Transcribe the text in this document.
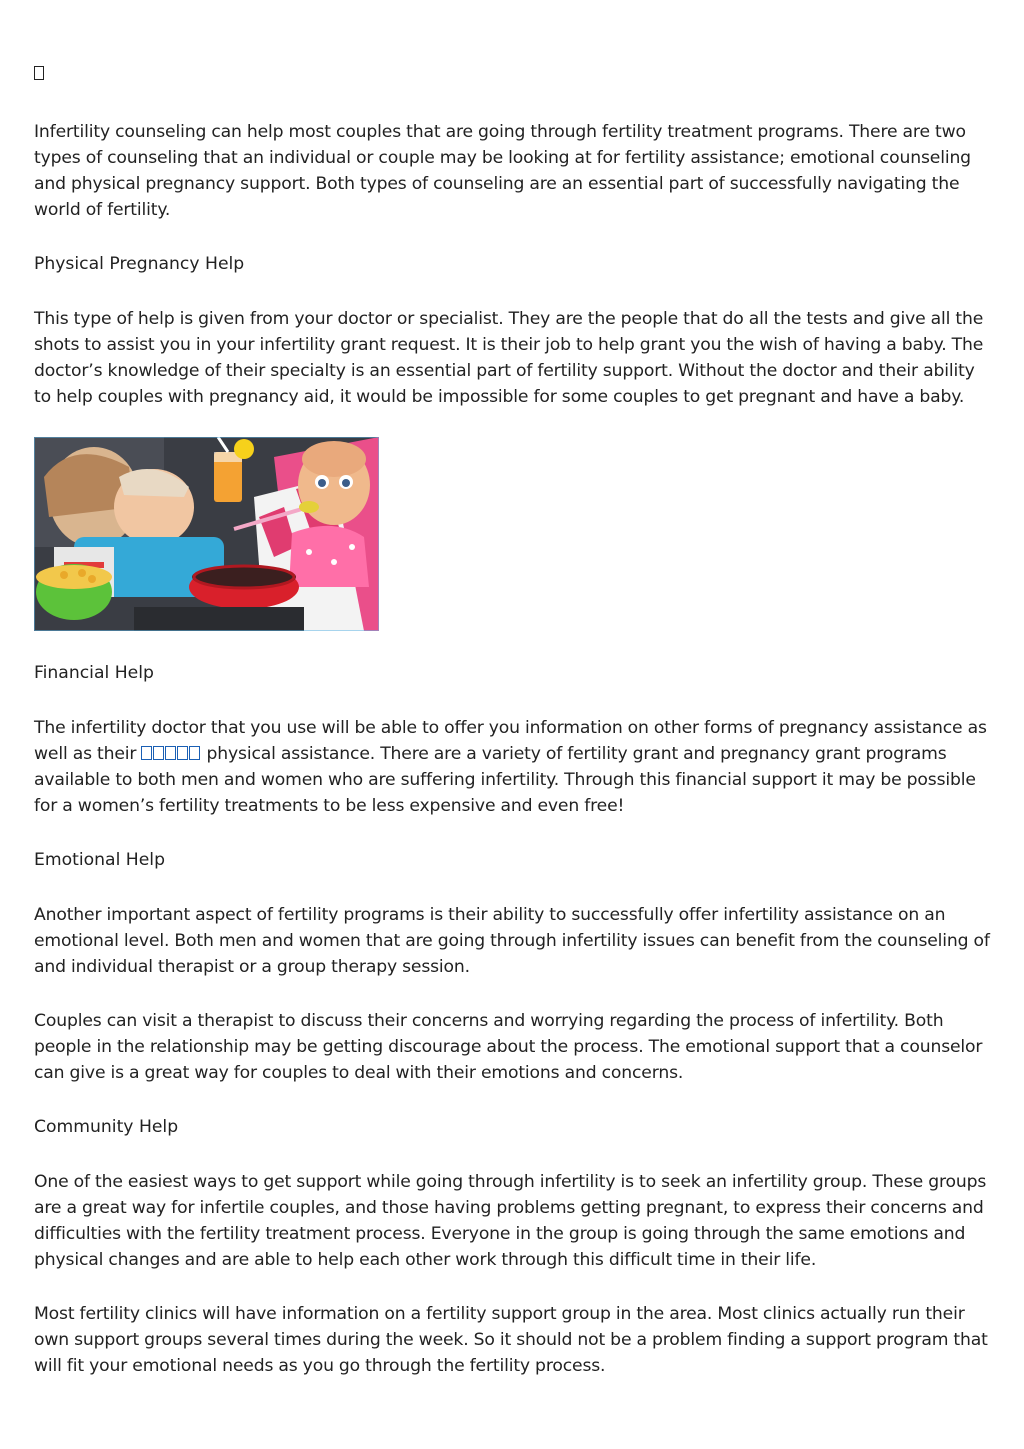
Infertility counseling can help most couples that are going through fertility treatment programs. There are two types of counseling that an individual or couple may be looking at for fertility assistance; emotional counseling and physical pregnancy support. Both types of counseling are an essential part of successfully navigating the world of fertility.

Physical Pregnancy Help

This type of help is given from your doctor or specialist. They are the people that do all the tests and give all the shots to assist you in your infertility grant request. It is their job to help grant you the wish of having a baby. The doctor’s knowledge of their specialty is an essential part of fertility support. Without the doctor and their ability to help couples with pregnancy aid, it would be impossible for some couples to get pregnant and have a baby.

Financial Help

The infertility doctor that you use will be able to offer you information on other forms of pregnancy assistance as well as their	physical assistance. There are a variety of fertility grant and pregnancy grant programs available to both men and women who are suffering infertility. Through this financial support it may be possible for a women’s fertility treatments to be less expensive and even free!

Emotional Help

Another important aspect of fertility programs is their ability to successfully offer infertility assistance on an emotional level. Both men and women that are going through infertility issues can benefit from the counseling of and individual therapist or a group therapy session.

Couples can visit a therapist to discuss their concerns and worrying regarding the process of infertility. Both people in the relationship may be getting discourage about the process. The emotional support that a counselor can give is a great way for couples to deal with their emotions and concerns.

Community Help

One of the easiest ways to get support while going through infertility is to seek an infertility group. These groups are a great way for infertile couples, and those having problems getting pregnant, to express their concerns and difficulties with the fertility treatment process. Everyone in the group is going through the same emotions and physical changes and are able to help each other work through this difficult time in their life.

Most fertility clinics will have information on a fertility support group in the area. Most clinics actually run their own support groups several times during the week. So it should not be a problem finding a support program that will fit your emotional needs as you go through the fertility process.
